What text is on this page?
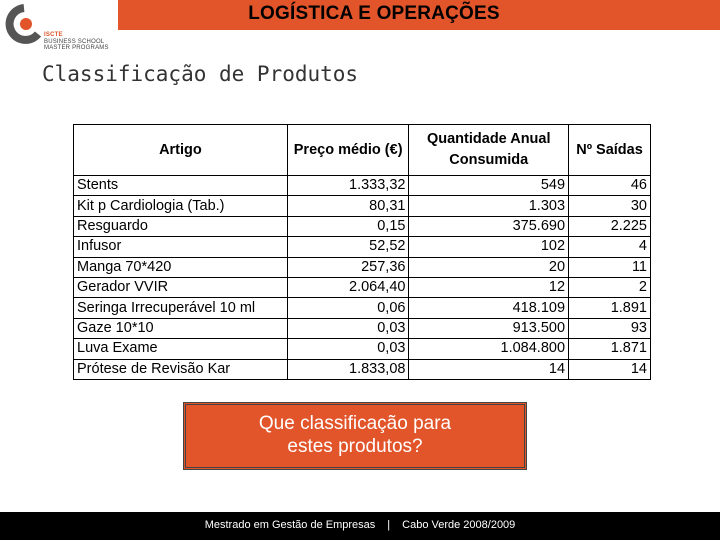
LOGÍSTICA E OPERAÇÕES
ISCTE
BUSINESS SCHOOL
MASTER PROGRAMS
Classificação de Produtos
Artigo	Preço médio (€)	Quantidade Anual Consumida	Nº Saídas
Stents	1.333,32	549	46
Kit p Cardiologia (Tab.)	80,31	1.303	30
Resguardo	0,15	375.690	2.225
Infusor	52,52	102	4
Manga 70*420	257,36	20	11
Gerador VVIR	2.064,40	12	2
Seringa Irrecuperável 10 ml	0,06	418.109	1.891
Gaze 10*10	0,03	913.500	93
Luva Exame	0,03	1.084.800	1.871
Prótese de Revisão Kar	1.833,08	14	14
Que classificação para
estes produtos?
Mestrado em Gestão de Empresas | Cabo Verde 2008/2009
